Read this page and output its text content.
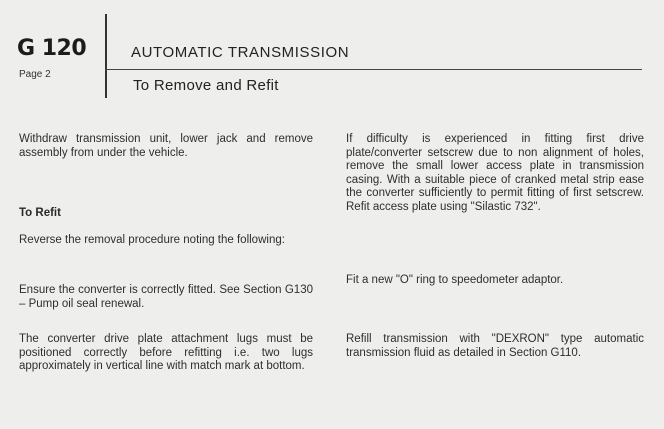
G 120
Page 2
AUTOMATIC TRANSMISSION
To Remove and Refit

Withdraw transmission unit, lower jack and remove assembly from under the vehicle.

To Refit

Reverse the removal procedure noting the following:

Ensure the converter is correctly fitted. See Section G130 – Pump oil seal renewal.

The converter drive plate attachment lugs must be positioned correctly before refitting i.e. two lugs approximately in vertical line with match mark at bottom.

If difficulty is experienced in fitting first drive plate/converter setscrew due to non alignment of holes, remove the small lower access plate in transmission casing. With a suitable piece of cranked metal strip ease the converter sufficiently to permit fitting of first setscrew. Refit access plate using "Silastic 732".

Fit a new "O" ring to speedometer adaptor.

Refill transmission with "DEXRON" type automatic transmission fluid as detailed in Section G110.
